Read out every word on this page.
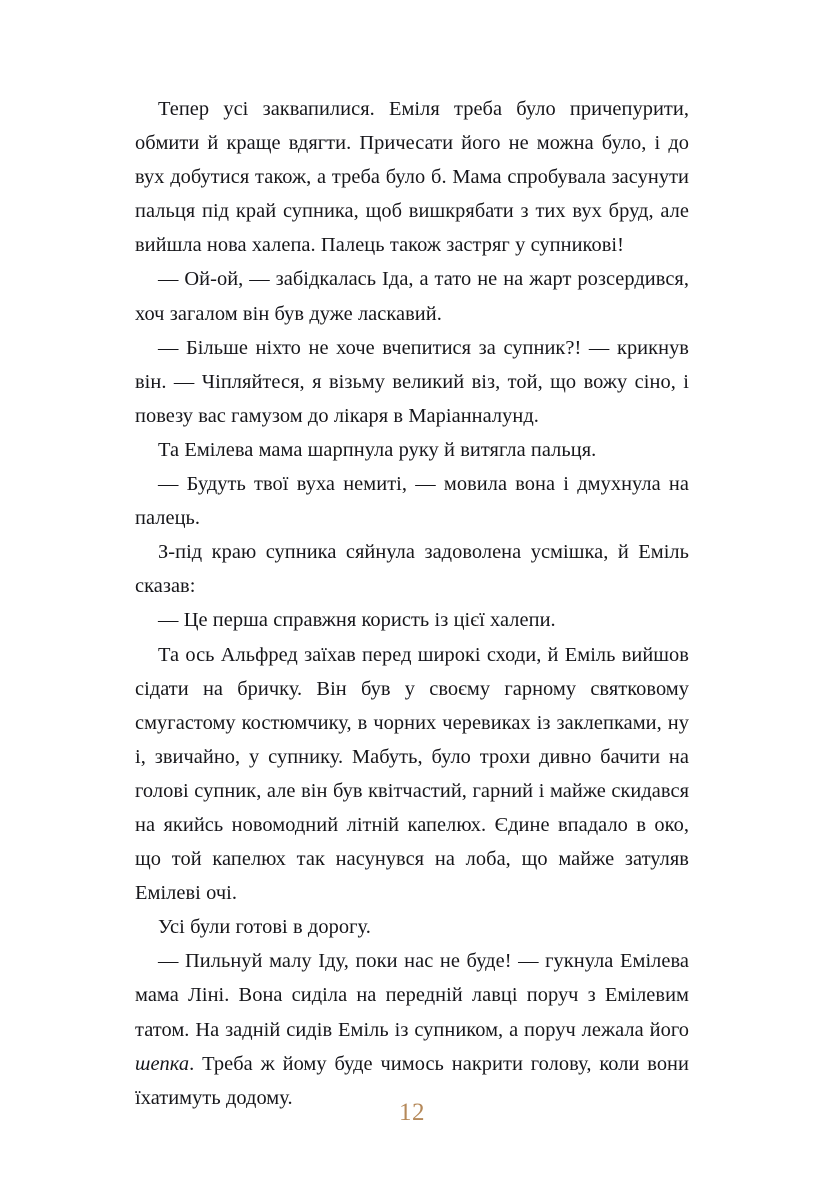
Тепер усі заквапилися. Еміля треба було причепурити, обмити й краще вдягти. Причесати його не можна було, і до вух добутися також, а треба було б. Мама спробувала засунути пальця під край супника, щоб вишкрябати з тих вух бруд, але вийшла нова халепа. Палець також застряг у супникові!

— Ой-ой, — забідкалась Іда, а тато не на жарт розсердився, хоч загалом він був дуже ласкавий.

— Більше ніхто не хоче вчепитися за супник?! — крикнув він. — Чіпляйтеся, я візьму великий віз, той, що вожу сіно, і повезу вас гамузом до лікаря в Маріанналунд.

Та Емілева мама шарпнула руку й витягла пальця.

— Будуть твої вуха немиті, — мовила вона і дмухнула на палець.

З-під краю супника сяйнула задоволена усмішка, й Еміль сказав:

— Це перша справжня користь із цієї халепи.

Та ось Альфред заїхав перед широкі сходи, й Еміль вийшов сідати на бричку. Він був у своєму гарному святковому смугастому костюмчику, в чорних черевиках із заклепками, ну і, звичайно, у супнику. Мабуть, було трохи дивно бачити на голові супник, але він був квітчастий, гарний і майже скидався на якийсь новомодний літній капелюх. Єдине впадало в око, що той капелюх так насунувся на лоба, що майже затуляв Емілеві очі.

Усі були готові в дорогу.

— Пильнуй малу Іду, поки нас не буде! — гукнула Емілева мама Ліні. Вона сиділа на передній лавці поруч з Емілевим татом. На задній сидів Еміль із супником, а поруч лежала його шепка. Треба ж йому буде чимось накрити голову, коли вони їхатимуть додому.

12
